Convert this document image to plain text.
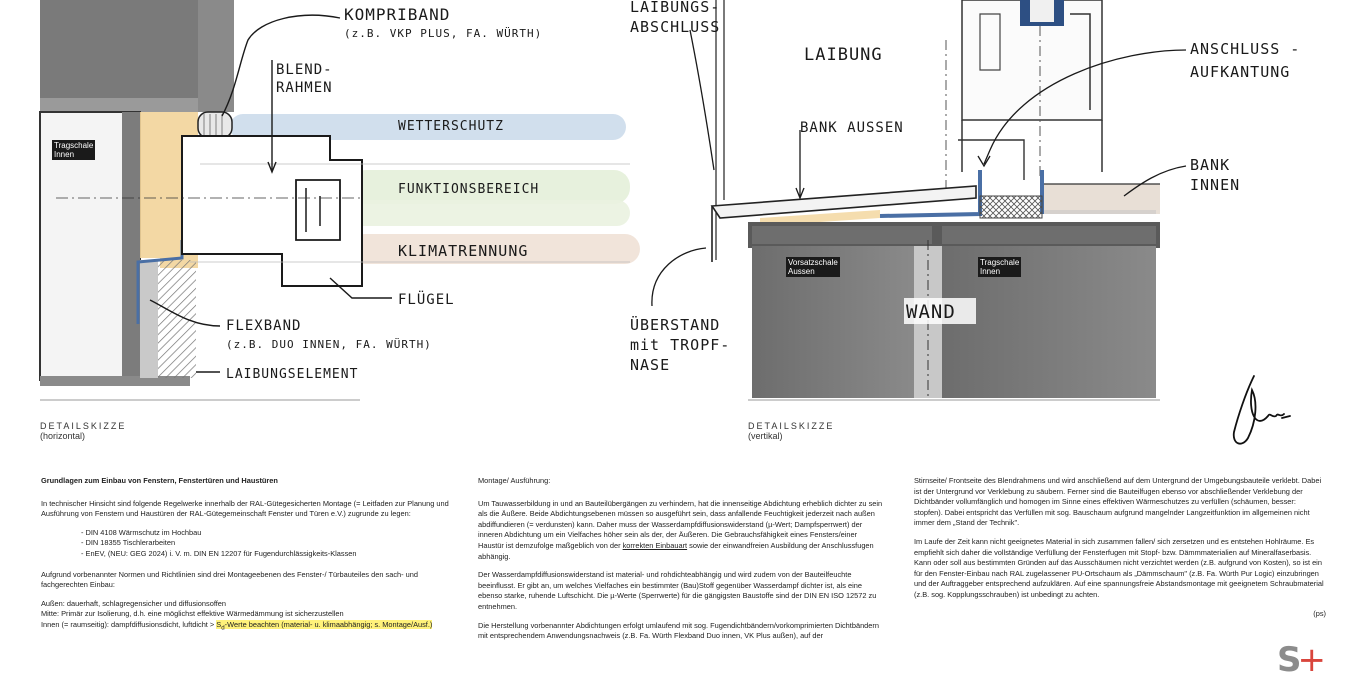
KOMPRIBAND
(z.B. VKP PLUS, FA. WÜRTH)
BLEND-
RAHMEN
WETTERSCHUTZ
FUNKTIONSBEREICH
KLIMATRENNUNG
FLÜGEL
FLEXBAND
(z.B. DUO INNEN, FA. WÜRTH)
LAIBUNGSELEMENT
LAIBUNGS-
ABSCHLUSS
LAIBUNG	ANSCHLUSS -
AUFKANTUNG
BANK AUSSEN
BANK
INNEN
ÜBERSTAND
mit TROPF-
NASE
WAND
Tragschale
Innen
Vorsatzschale
Aussen
Tragschale
Innen
DETAILSKIZZE
(horizontal)
DETAILSKIZZE
(vertikal)

Grundlagen zum Einbau von Fenstern, Fenstertüren und Haustüren

In technischer Hinsicht sind folgende Regelwerke innerhalb der RAL-Gütegesicherten Montage (= Leitfaden zur Planung und Ausführung von Fenstern und Haustüren der RAL-Gütegemeinschaft Fenster und Türen e.V.) zugrunde zu legen:

- DIN 4108 Wärmschutz im Hochbau
- DIN 18355 Tischlerarbeiten
- EnEV, (NEU: GEG 2024) i. V. m. DIN EN 12207 für Fugendurchlässigkeits-Klassen

Aufgrund vorbenannter Normen und Richtlinien sind drei Montageebenen des Fenster-/ Türbauteiles den sach- und fachgerechten Einbau:

Außen: dauerhaft, schlagregensicher und diffusionsoffen
Mitte: Primär zur Isolierung, d.h. eine möglichst effektive Wärmedämmung ist sicherzustellen
Innen (= raumseitig): dampfdiffusionsdicht, luftdicht > $S_d$-Werte beachten (material- u. klimaabhängig; s. Montage/Ausf.)

Montage/ Ausführung:

Um Tauwasserbildung in und an Bauteilübergängen zu verhindern, hat die innenseitige Abdichtung erheblich dichter zu sein als die Äußere. Beide Abdichtungsebenen müssen so ausgeführt sein, dass anfallende Feuchtigkeit jederzeit nach außen abdiffundieren (= verdunsten) kann. Daher muss der Wasserdampfdiffusionswiderstand (µ-Wert; Dampfsperrwert) der inneren Abdichtung um ein Vielfaches höher sein als der, der Äußeren. Die Gebrauchsfähigkeit eines Fensters/einer Haustür ist demzufolge maßgeblich von der korrekten Einbauart sowie der einwandfreien Ausbildung der Anschlussfugen abhängig.

Der Wasserdampfdiffusionswiderstand ist material- und rohdichteabhängig und wird zudem von der Bauteilfeuchte beeinflusst. Er gibt an, um welches Vielfaches ein bestimmter (Bau)Stoff gegenüber Wasserdampf dichter ist, als eine ebenso starke, ruhende Luftschicht. Die µ-Werte (Sperrwerte) für die gängigsten Baustoffe sind der DIN EN ISO 12572 zu entnehmen.

Die Herstellung vorbenannter Abdichtungen erfolgt umlaufend mit sog. Fugendichtbändern/vorkomprimierten Dichtbändern mit entsprechendem Anwendungsnachweis (z.B. Fa. Würth Flexband Duo innen, VK Plus außen), auf der

Stirnseite/ Frontseite des Blendrahmens und wird anschließend auf dem Untergrund der Umgebungsbauteile verklebt. Dabei ist der Untergrund vor Verklebung zu säubern. Ferner sind die Bauteilfugen ebenso vor abschließender Verklebung der Dichtbänder vollumfänglich und homogen im Sinne eines effektiven Wärmeschutzes zu verfüllen (schäumen, besser: stopfen). Dabei entspricht das Verfüllen mit sog. Bauschaum aufgrund mangelnder Langzeitfunktion im allgemeinen nicht immer dem „Stand der Technik".

Im Laufe der Zeit kann nicht geeignetes Material in sich zusammen fallen/ sich zersetzen und es entstehen Hohlräume. Es empfiehlt sich daher die vollständige Verfüllung der Fensterfugen mit Stopf- bzw. Dämmmaterialien auf Mineralfaserbasis. Kann oder soll aus bestimmten Gründen auf das Ausschäumen nicht verzichtet werden (z.B. aufgrund von Kosten), so ist ein für den Fenster-Einbau nach RAL zugelassener PU-Ortschaum als „Dämmschaum" (z.B. Fa. Würth Pur Logic) einzubringen und der Auftraggeber entsprechend aufzuklären. Auf eine spannungsfreie Abstandsmontage mit geeignetem Schraubmaterial (z.B. sog. Kopplungsschrauben) ist unbedingt zu achten.

(ps)
S+
